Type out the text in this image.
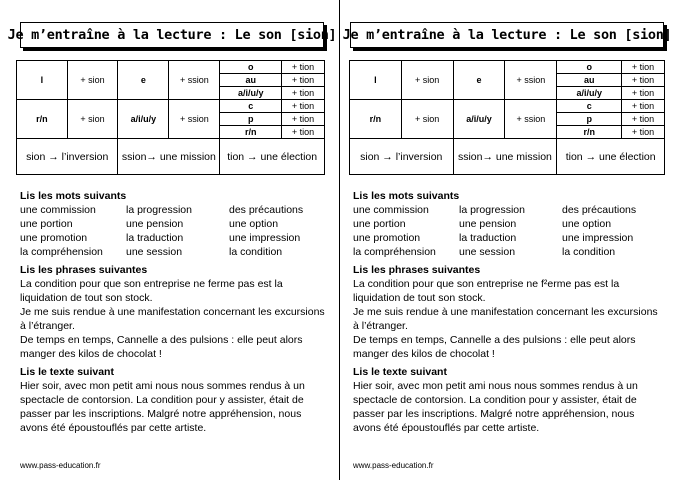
Je m’entraîne à la lecture : Le son [sion]
l	+ sion	e	+ ssion	o	+ tion
				au	+ tion
				a/i/u/y	+ tion
r/n	+ sion	a/i/u/y	+ ssion	c	+ tion
				p	+ tion
				r/n	+ tion
sion → l’inversion		ssion→ une mission		tion → une élection	
Lis les mots suivants
une commission	la progression	des précautions
une portion	une pension	une option
une promotion	la traduction	une impression
la compréhension	une session	la condition
Lis les phrases suivantes
La condition pour que son entreprise ne ferme pas est la
liquidation de tout son stock.
Je me suis rendue à une manifestation concernant les excursions
à l’étranger.
De temps en temps, Cannelle a des pulsions : elle peut alors
manger des kilos de chocolat !
Lis le texte suivant
Hier soir, avec mon petit ami nous nous sommes rendus à un
spectacle de contorsion. La condition pour y assister, était de
passer par les inscriptions. Malgré notre appréhension, nous
avons été époustouflés par cette artiste.
www.pass-education.fr
Je m’entraîne à la lecture : Le son [sion]
l	+ sion	e	+ ssion	o	+ tion
				au	+ tion
				a/i/u/y	+ tion
r/n	+ sion	a/i/u/y	+ ssion	c	+ tion
				p	+ tion
				r/n	+ tion
sion → l’inversion		ssion→ une mission		tion → une élection	
Lis les mots suivants
une commission	la progression	des précautions
une portion	une pension	une option
une promotion	la traduction	une impression
la compréhension	une session	la condition
Lis les phrases suivantes
La condition pour que son entreprise ne f²erme pas est la
liquidation de tout son stock.
Je me suis rendue à une manifestation concernant les excursions
à l’étranger.
De temps en temps, Cannelle a des pulsions : elle peut alors
manger des kilos de chocolat !
Lis le texte suivant
Hier soir, avec mon petit ami nous nous sommes rendus à un
spectacle de contorsion. La condition pour y assister, était de
passer par les inscriptions. Malgré notre appréhension, nous
avons été époustouflés par cette artiste.
www.pass-education.fr
